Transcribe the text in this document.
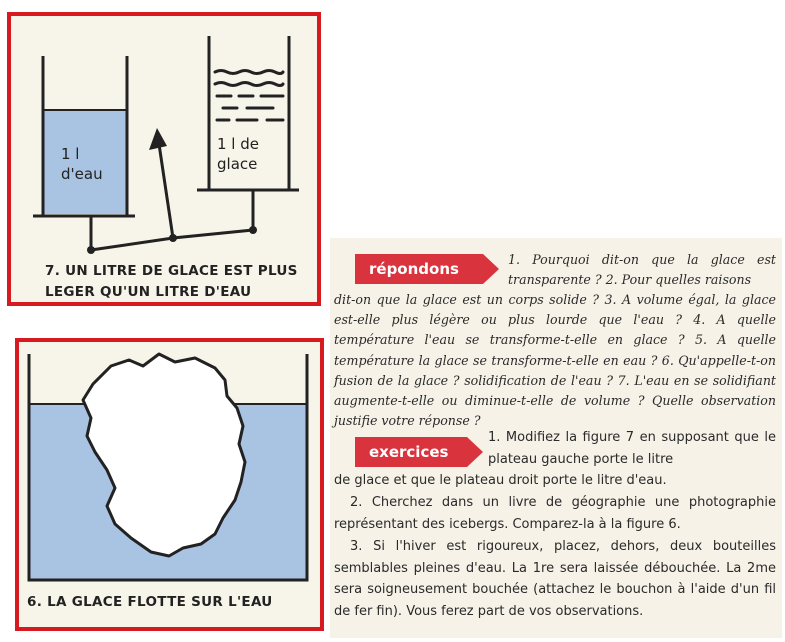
1 l
d'eau
1 l de
glace
7. UN LITRE DE GLACE EST PLUS
LEGER QU'UN LITRE D'EAU
6. LA GLACE FLOTTE SUR L'EAU
répondons
1. Pourquoi dit-on que la glace est transparente ? 2. Pour quelles raisons
dit-on que la glace est un corps solide ? 3. A volume égal, la glace est-elle plus légère ou plus lourde que l'eau ? 4. A quelle température l'eau se transforme-t-elle en glace ? 5. A quelle température la glace se transforme-t-elle en eau ? 6. Qu'appelle-t-on fusion de la glace ? solidification de l'eau ? 7. L'eau en se solidifiant augmente-t-elle ou diminue-t-elle de volume ? Quelle observation justifie votre réponse ?
exercices
1. Modifiez la figure 7 en supposant que le plateau gauche porte le litre
de glace et que le plateau droit porte le litre d'eau.
2. Cherchez dans un livre de géographie une photographie représentant des icebergs. Comparez-la à la figure 6.
3. Si l'hiver est rigoureux, placez, dehors, deux bouteilles semblables pleines d'eau. La 1re sera laissée débouchée. La 2me sera soigneusement bouchée (attachez le bouchon à l'aide d'un fil de fer fin). Vous ferez part de vos observations.
